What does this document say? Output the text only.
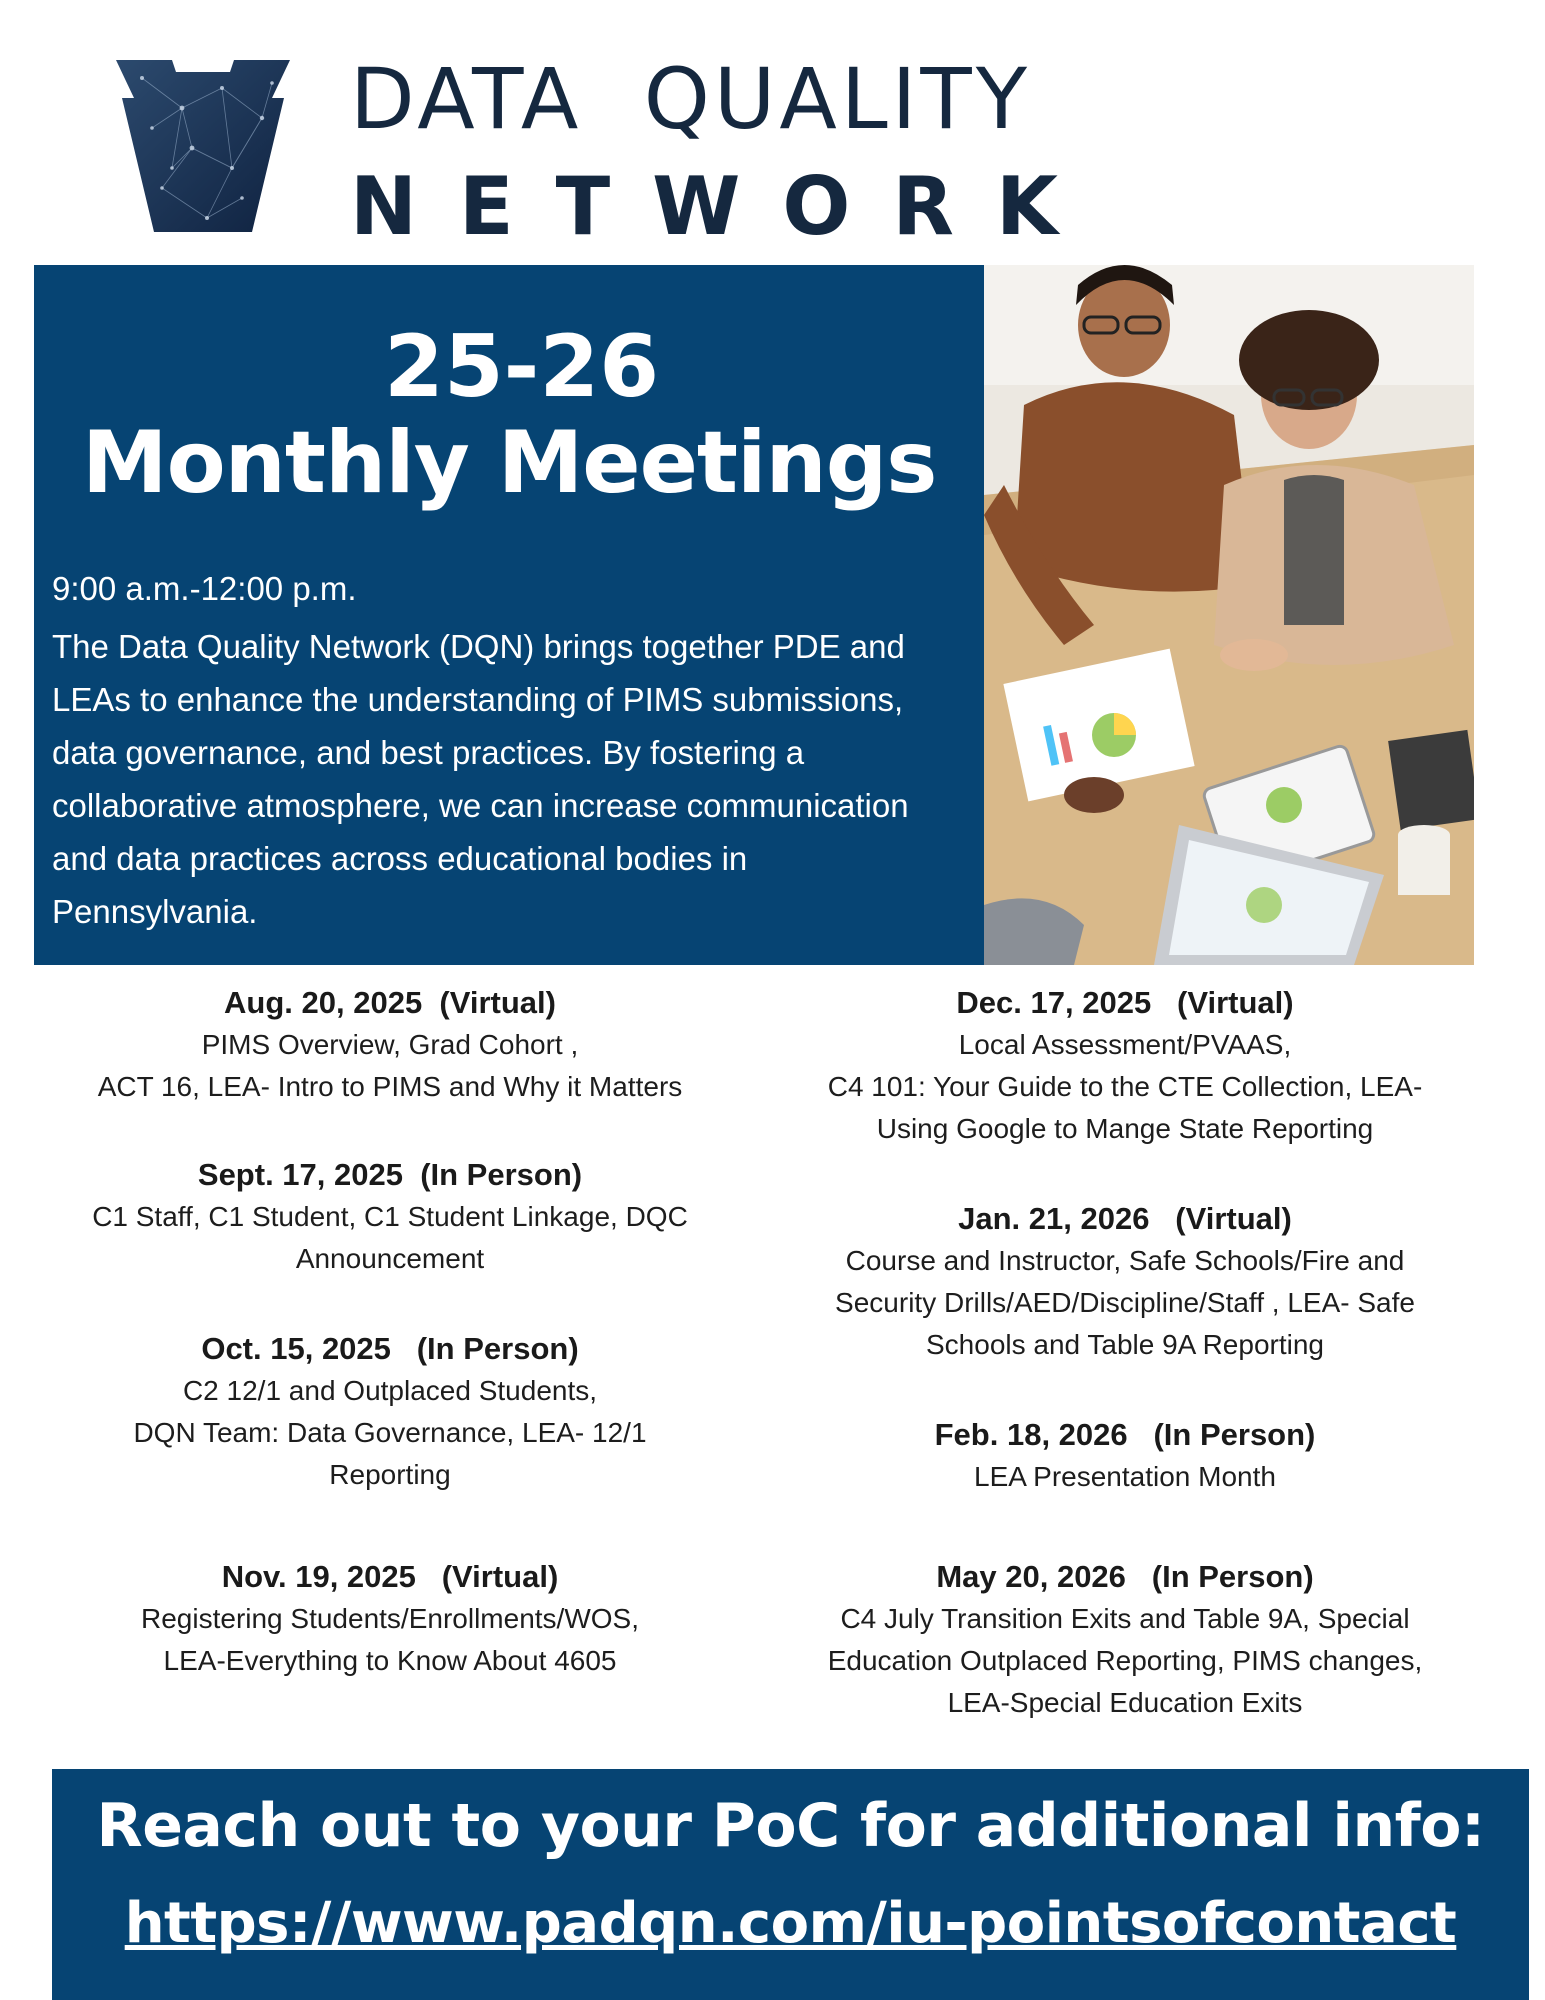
DATA  QUALITY
NETWORK
25-26
Monthly Meetings
9:00 a.m.-12:00 p.m.
The Data Quality Network (DQN) brings together PDE and LEAs to enhance the understanding of PIMS submissions, data governance, and best practices. By fostering a collaborative atmosphere, we can increase communication and data practices across educational bodies in Pennsylvania.
Aug. 20, 2025  (Virtual)
PIMS Overview, Grad Cohort ,
ACT 16, LEA- Intro to PIMS and Why it Matters
Sept. 17, 2025  (In Person)
C1 Staff, C1 Student, C1 Student Linkage, DQC
Announcement
Oct. 15, 2025   (In Person)
C2 12/1 and Outplaced Students,
DQN Team: Data Governance, LEA- 12/1
Reporting
Nov. 19, 2025   (Virtual)
Registering Students/Enrollments/WOS,
LEA-Everything to Know About 4605
Dec. 17, 2025   (Virtual)
Local Assessment/PVAAS,
C4 101: Your Guide to the CTE Collection, LEA-
Using Google to Mange State Reporting
Jan. 21, 2026   (Virtual)
Course and Instructor, Safe Schools/Fire and
Security Drills/AED/Discipline/Staff , LEA- Safe
Schools and Table 9A Reporting
Feb. 18, 2026   (In Person)
LEA Presentation Month
May 20, 2026   (In Person)
C4 July Transition Exits and Table 9A, Special
Education Outplaced Reporting, PIMS changes,
LEA-Special Education Exits
Reach out to your PoC for additional info:
https://www.padqn.com/iu-pointsofcontact
